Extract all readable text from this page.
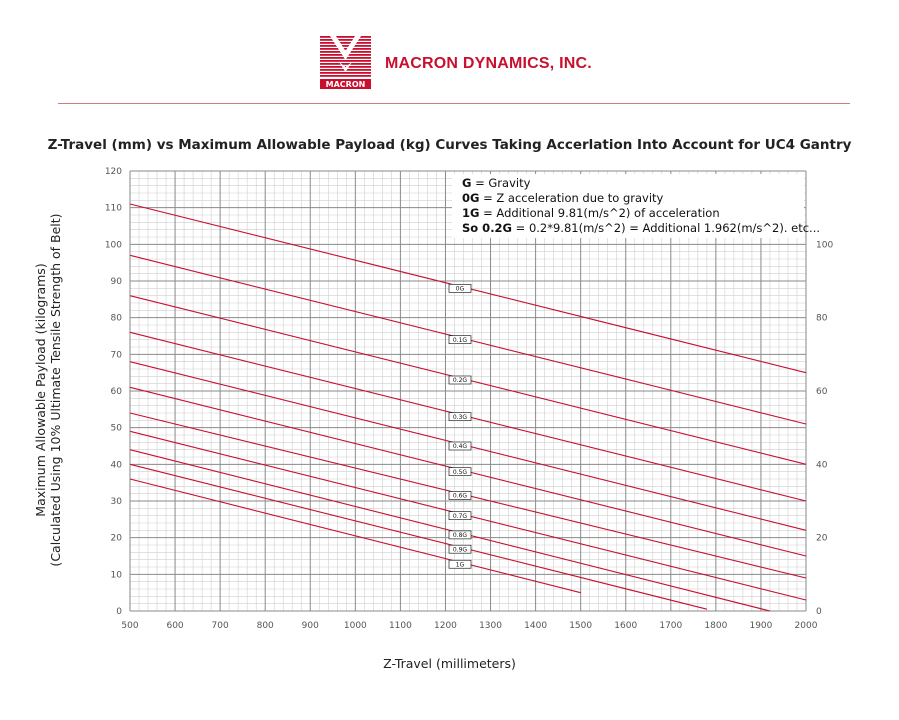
MACRON
MACRON DYNAMICS, INC.
Z-Travel (mm) vs Maximum Allowable Payload (kg) Curves Taking Accerlation Into Account for UC4 Gantry
Maximum Allowable Payload (kilograms) (Calculated Using 10% Ultimate Tensile Strength of Belt)
Z-Travel (millimeters)
0G
0.1G
0.2G
0.3G
0.4G
0.5G
0.6G
0.7G
0.8G
0.9G
1G
500	600	700	800	900	1000 1100 1200 1300 1400 1500 1600 1700 1800 1900 2000
0
10
20
30
40
50
60
70
80
90
100
110
120
0
20
40
60
80
100
G = Gravity
0G = Z acceleration due to gravity
1G = Additional 9.81(m/s^2) of acceleration
So 0.2G = 0.2*9.81(m/s^2) = Additional 1.962(m/s^2). etc...
